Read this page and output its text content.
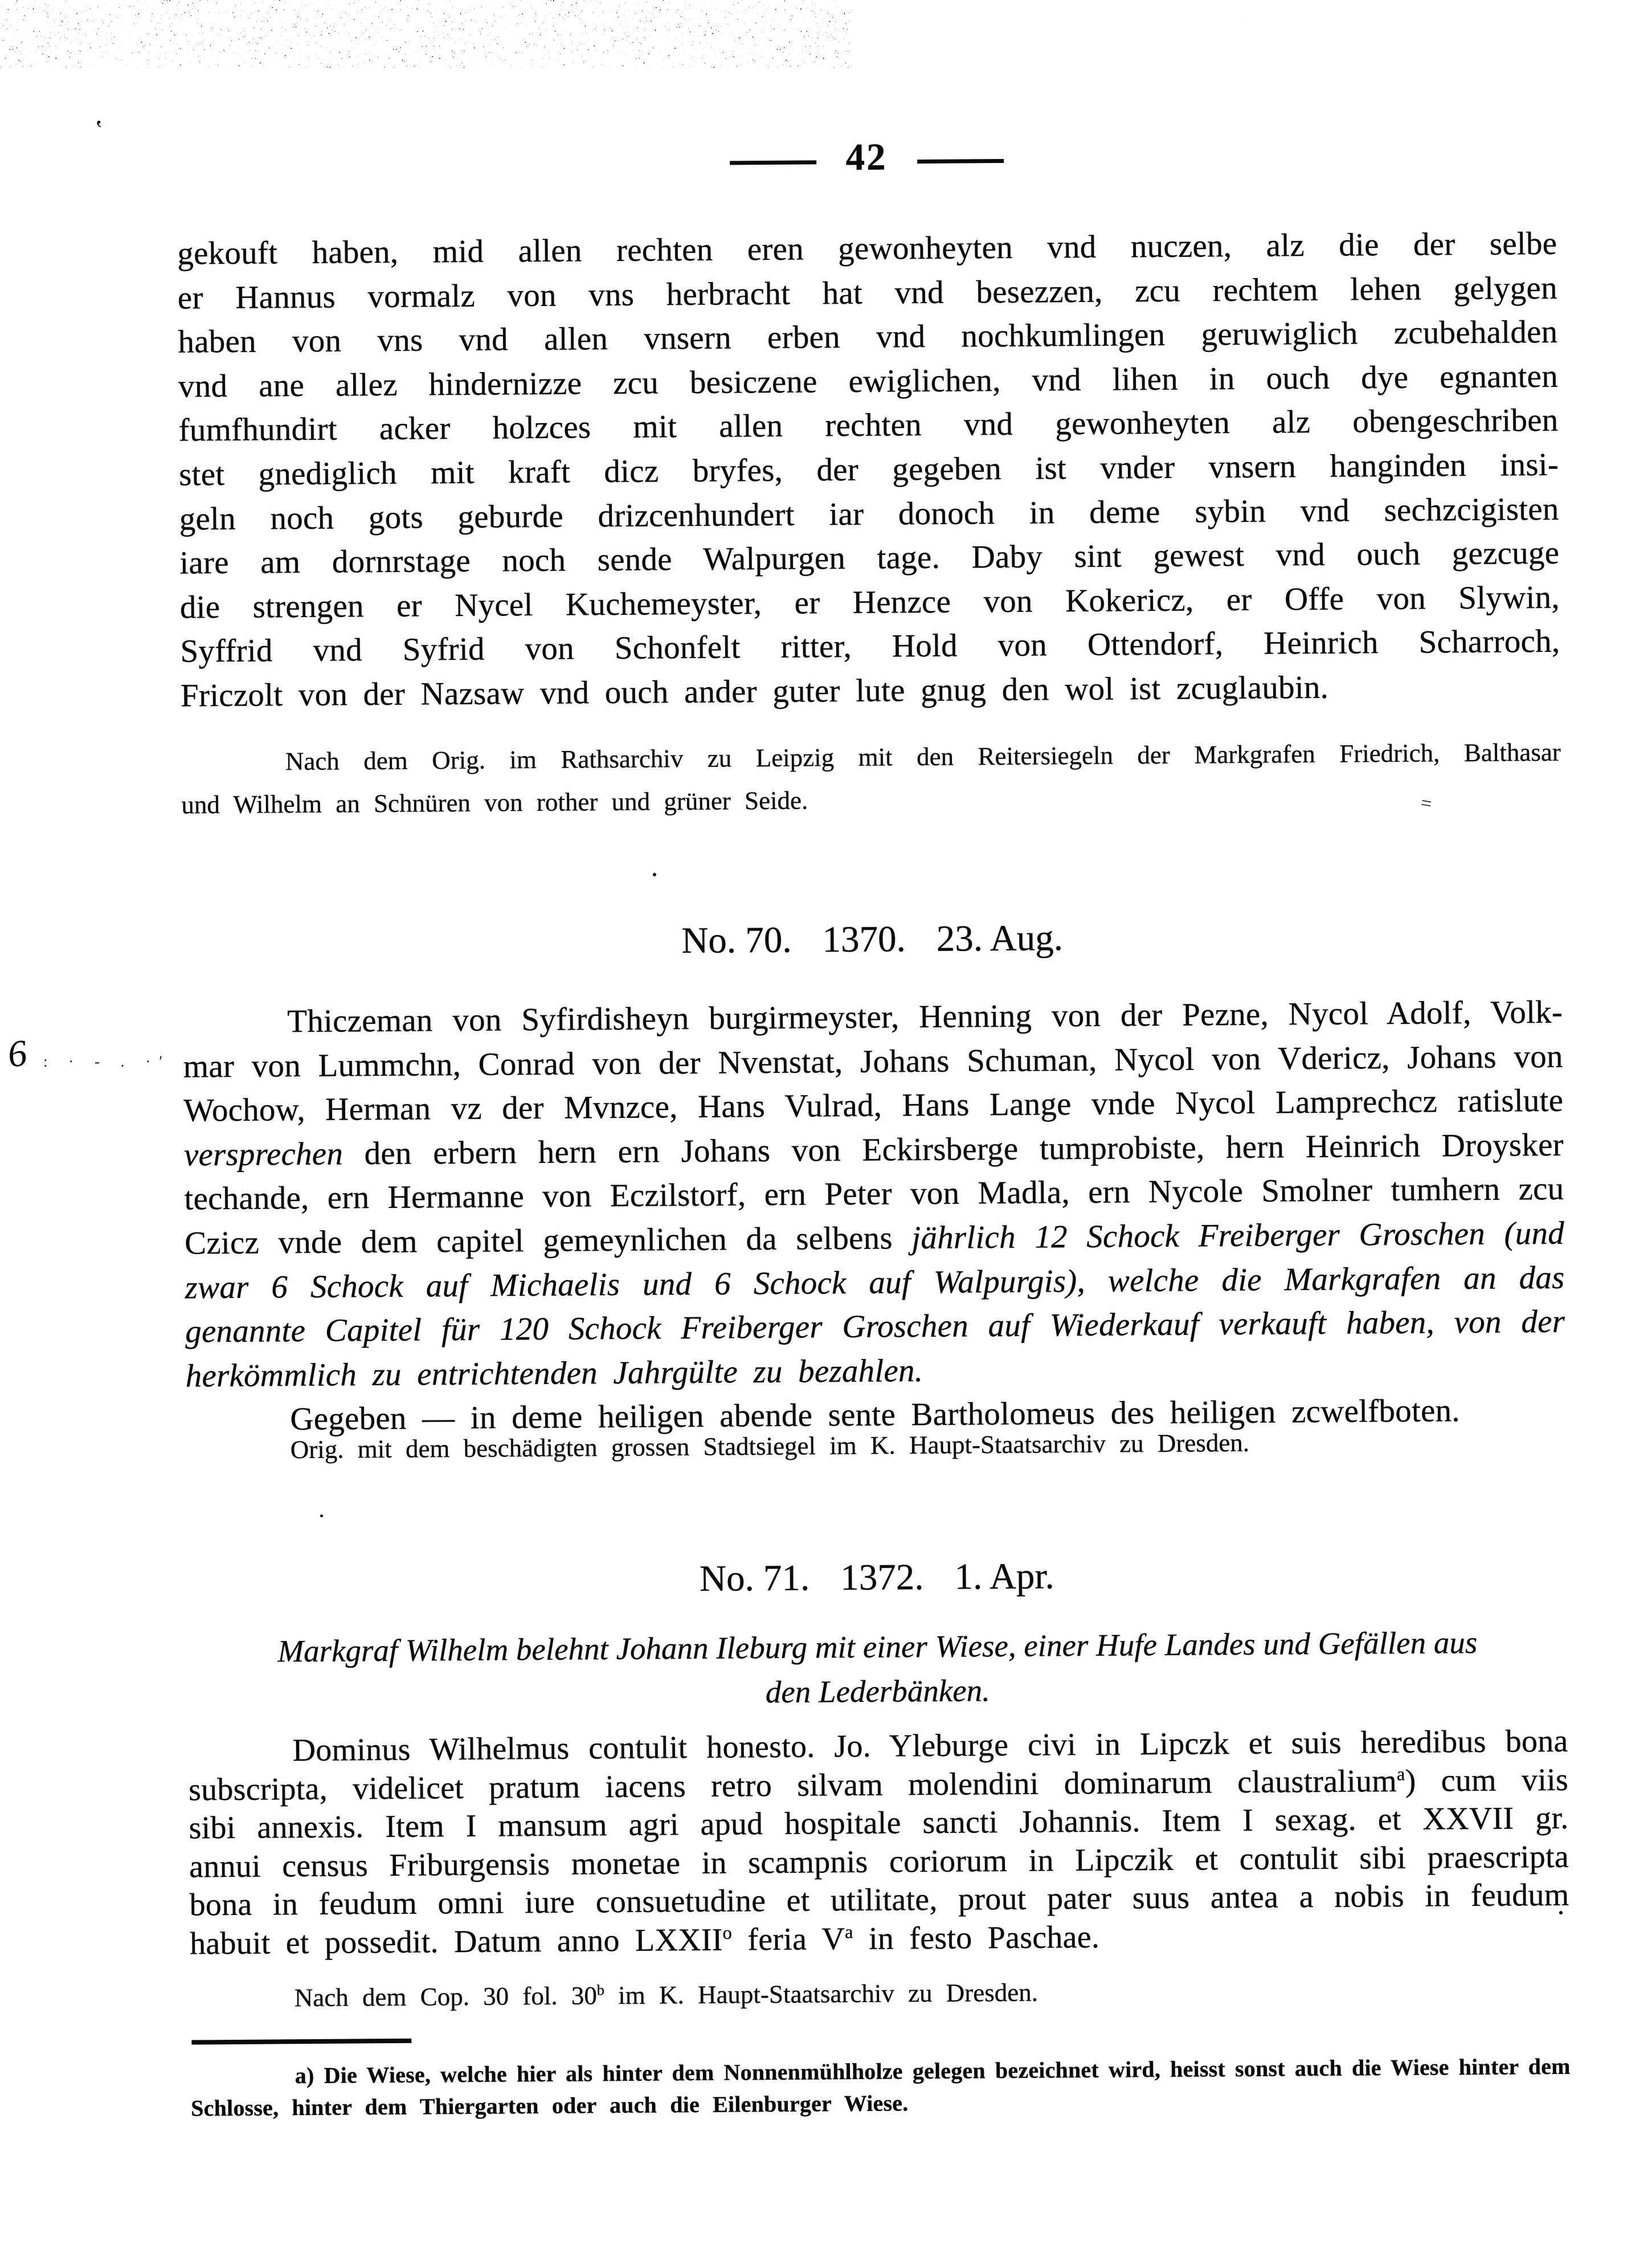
‛
6 : · - . ·′
=
42
gekouft haben, mid allen rechten eren gewonheyten vnd nuczen, alz die der selbe
er Hannus vormalz von vns herbracht hat vnd besezzen, zcu rechtem lehen gelygen
haben von vns vnd allen vnsern erben vnd nochkumlingen geruwiglich zcubehalden
vnd ane allez hindernizze zcu besiczene ewiglichen, vnd lihen in ouch dye egnanten
fumfhundirt acker holzces mit allen rechten vnd gewonheyten alz obengeschriben
stet gnediglich mit kraft dicz bryfes, der gegeben ist vnder vnsern hanginden insi-
geln noch gots geburde drizcenhundert iar donoch in deme sybin vnd sechzcigisten
iare am dornrstage noch sende Walpurgen tage. Daby sint gewest vnd ouch gezcuge
die strengen er Nycel Kuchemeyster, er Henzce von Kokericz, er Offe von Slywin,
Syffrid vnd Syfrid von Schonfelt ritter, Hold von Ottendorf, Heinrich Scharroch,
Friczolt von der Nazsaw vnd ouch ander guter lute gnug den wol ist zcuglaubin.
Nach dem Orig. im Rathsarchiv zu Leipzig mit den Reitersiegeln der Markgrafen Friedrich, Balthasar
und Wilhelm an Schnüren von rother und grüner Seide.
No. 70. 1370. 23. Aug.
Thiczeman von Syfirdisheyn burgirmeyster, Henning von der Pezne, Nycol Adolf, Volk-
mar von Lummchn, Conrad von der Nvenstat, Johans Schuman, Nycol von Vdericz, Johans von
Wochow, Herman vz der Mvnzce, Hans Vulrad, Hans Lange vnde Nycol Lamprechcz ratislute
versprechen den erbern hern ern Johans von Eckirsberge tumprobiste, hern Heinrich Droysker
techande, ern Hermanne von Eczilstorf, ern Peter von Madla, ern Nycole Smolner tumhern zcu
Czicz vnde dem capitel gemeynlichen da selbens jährlich 12 Schock Freiberger Groschen (und
zwar 6 Schock auf Michaelis und 6 Schock auf Walpurgis), welche die Markgrafen an das
genannte Capitel für 120 Schock Freiberger Groschen auf Wiederkauf verkauft haben, von der
herkömmlich zu entrichtenden Jahrgülte zu bezahlen.
Gegeben — in deme heiligen abende sente Bartholomeus des heiligen zcwelfboten.
Orig. mit dem beschädigten grossen Stadtsiegel im K. Haupt-Staatsarchiv zu Dresden.
No. 71. 1372. 1. Apr.
Markgraf Wilhelm belehnt Johann Ileburg mit einer Wiese, einer Hufe Landes und Gefällen aus
den Lederbänken.
Dominus Wilhelmus contulit honesto. Jo. Yleburge civi in Lipczk et suis heredibus bona
subscripta, videlicet pratum iacens retro silvam molendini dominarum claustralium$^a$) cum viis
sibi annexis. Item I mansum agri apud hospitale sancti Johannis. Item I sexag. et XXVII gr.
annui census Friburgensis monetae in scampnis coriorum in Lipczik et contulit sibi praescripta
bona in feudum omni iure consuetudine et utilitate, prout pater suus antea a nobis in feudum
habuit et possedit. Datum anno LXXII$^o$ feria $V^a$ in festo Paschae.
Nach dem Cop. 30 fol. 30$^b$ im K. Haupt-Staatsarchiv zu Dresden.
a) Die Wiese, welche hier als hinter dem Nonnenmühlholze gelegen bezeichnet wird, heisst sonst auch die Wiese hinter dem
Schlosse, hinter dem Thiergarten oder auch die Eilenburger Wiese.
